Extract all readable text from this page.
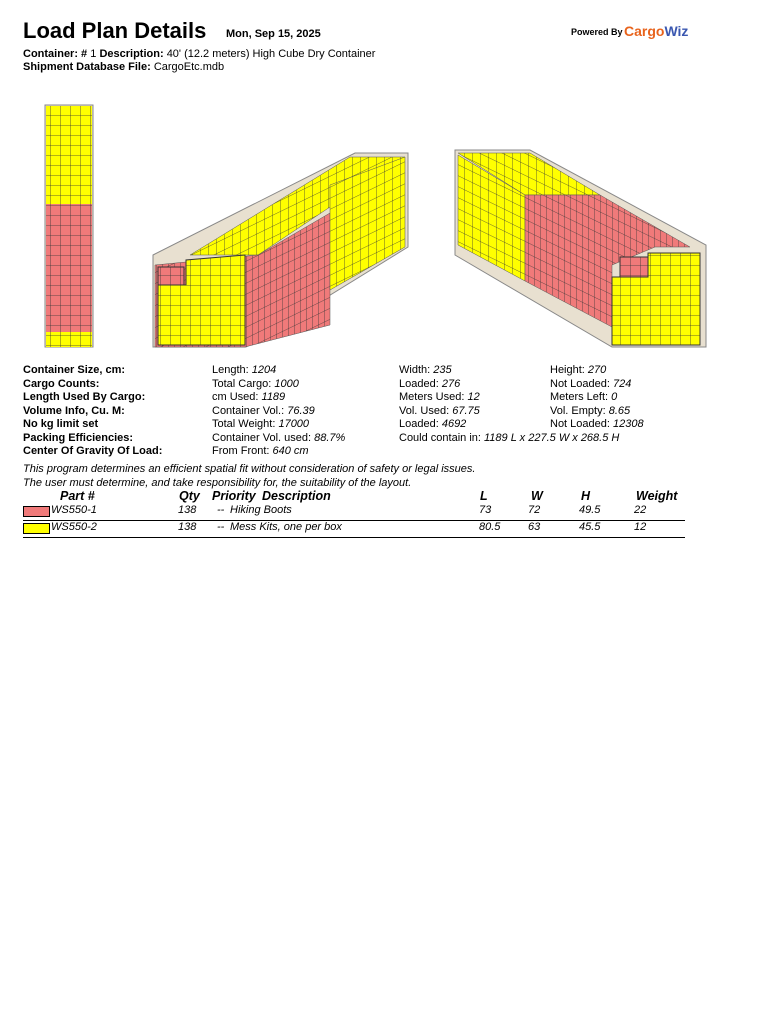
Load Plan Details Mon, Sep 15, 2025	Powered By CargoWiz
Container: # 1 Description: 40' (12.2 meters) High Cube Dry Container
Shipment Database File: CargoEtc.mdb
Container Size, cm:	Length: 1204	Width: 235	Height: 270
Cargo Counts:	Total Cargo: 1000	Loaded: 276	Not Loaded: 724
Length Used By Cargo:	cm Used: 1189	Meters Used: 12	Meters Left: 0
Volume Info, Cu. M:	Container Vol.: 76.39	Vol. Used: 67.75	Vol. Empty: 8.65
No kg limit set	Total Weight: 17000	Loaded: 4692	Not Loaded: 12308
Packing Efficiencies:	Container Vol. used: 88.7%	Could contain in: 1189 L x 227.5 W x 268.5 H
Center Of Gravity Of Load:	From Front: 640 cm
This program determines an efficient spatial fit without consideration of safety or legal issues.
The user must determine, and take responsibility for, the suitability of the layout.
Part #	Qty Priority Description	L	W	H	Weight
WS550-1	138 -- Hiking Boots	73	72	49.5	22
WS550-2	138 -- Mess Kits, one per box	80.5	63	45.5	12
